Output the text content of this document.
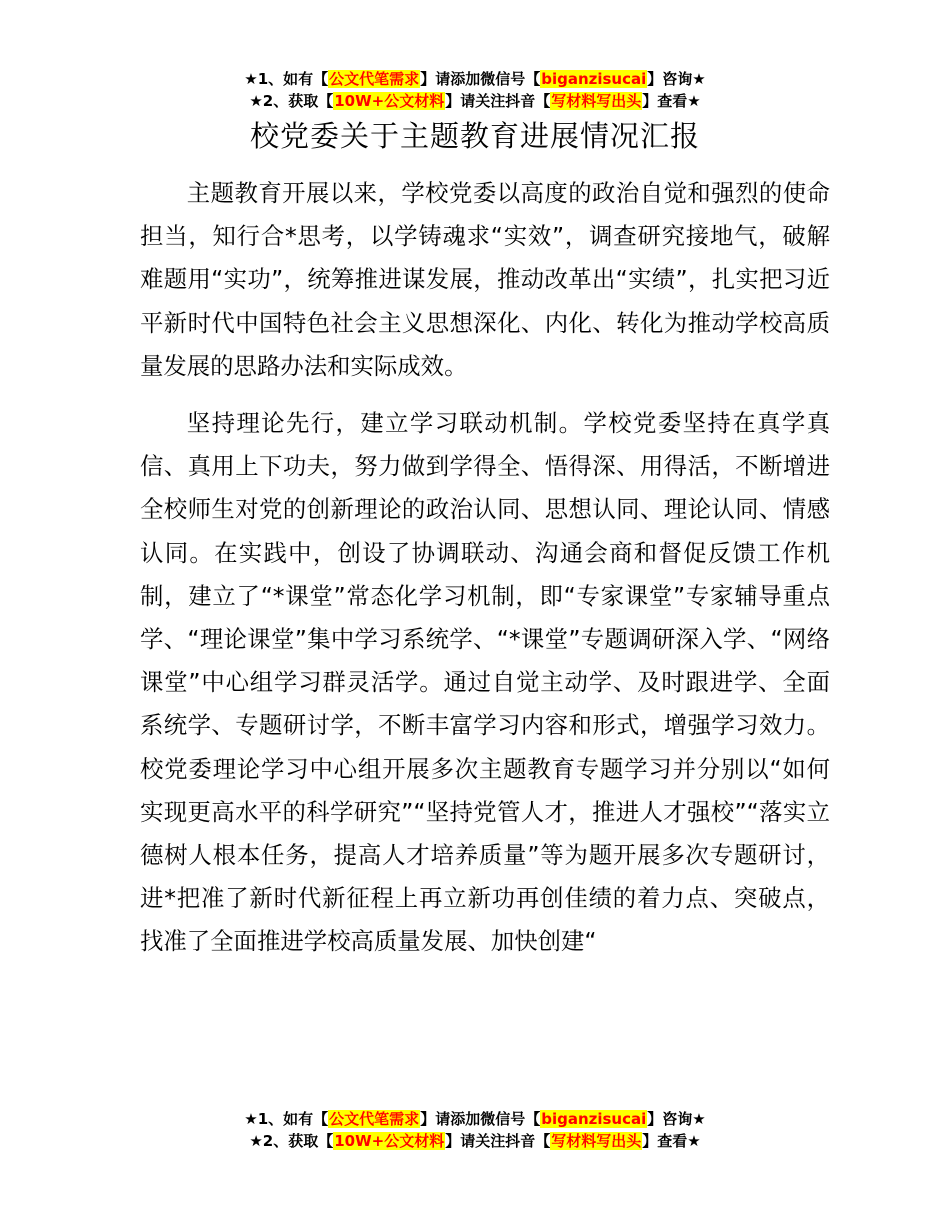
★1、如有【公文代笔需求】请添加微信号【biganzisucai】咨询★
★2、获取【10W+公文材料】请关注抖音【写材料写出头】查看★
校党委关于主题教育进展情况汇报

主题教育开展以来，学校党委以高度的政治自觉和强烈的使命担当，知行合*思考，以学铸魂求“实效”，调查研究接地气，破解难题用“实功”，统筹推进谋发展，推动改革出“实绩”，扎实把习近平新时代中国特色社会主义思想深化、内化、转化为推动学校高质量发展的思路办法和实际成效。

坚持理论先行，建立学习联动机制。学校党委坚持在真学真信、真用上下功夫，努力做到学得全、悟得深、用得活，不断增进全校师生对党的创新理论的政治认同、思想认同、理论认同、情感认同。在实践中，创设了协调联动、沟通会商和督促反馈工作机制，建立了“*课堂”常态化学习机制，即“专家课堂”专家辅导重点学、“理论课堂”集中学习系统学、“*课堂”专题调研深入学、“网络课堂”中心组学习群灵活学。通过自觉主动学、及时跟进学、全面系统学、专题研讨学，不断丰富学习内容和形式，增强学习效力。校党委理论学习中心组开展多次主题教育专题学习并分别以“如何实现更高水平的科学研究”“坚持党管人才，推进人才强校”“落实立德树人根本任务，提高人才培养质量”等为题开展多次专题研讨，进*把准了新时代新征程上再立新功再创佳绩的着力点、突破点，找准了全面推进学校高质量发展、加快创建“

★1、如有【公文代笔需求】请添加微信号【biganzisucai】咨询★
★2、获取【10W+公文材料】请关注抖音【写材料写出头】查看★
